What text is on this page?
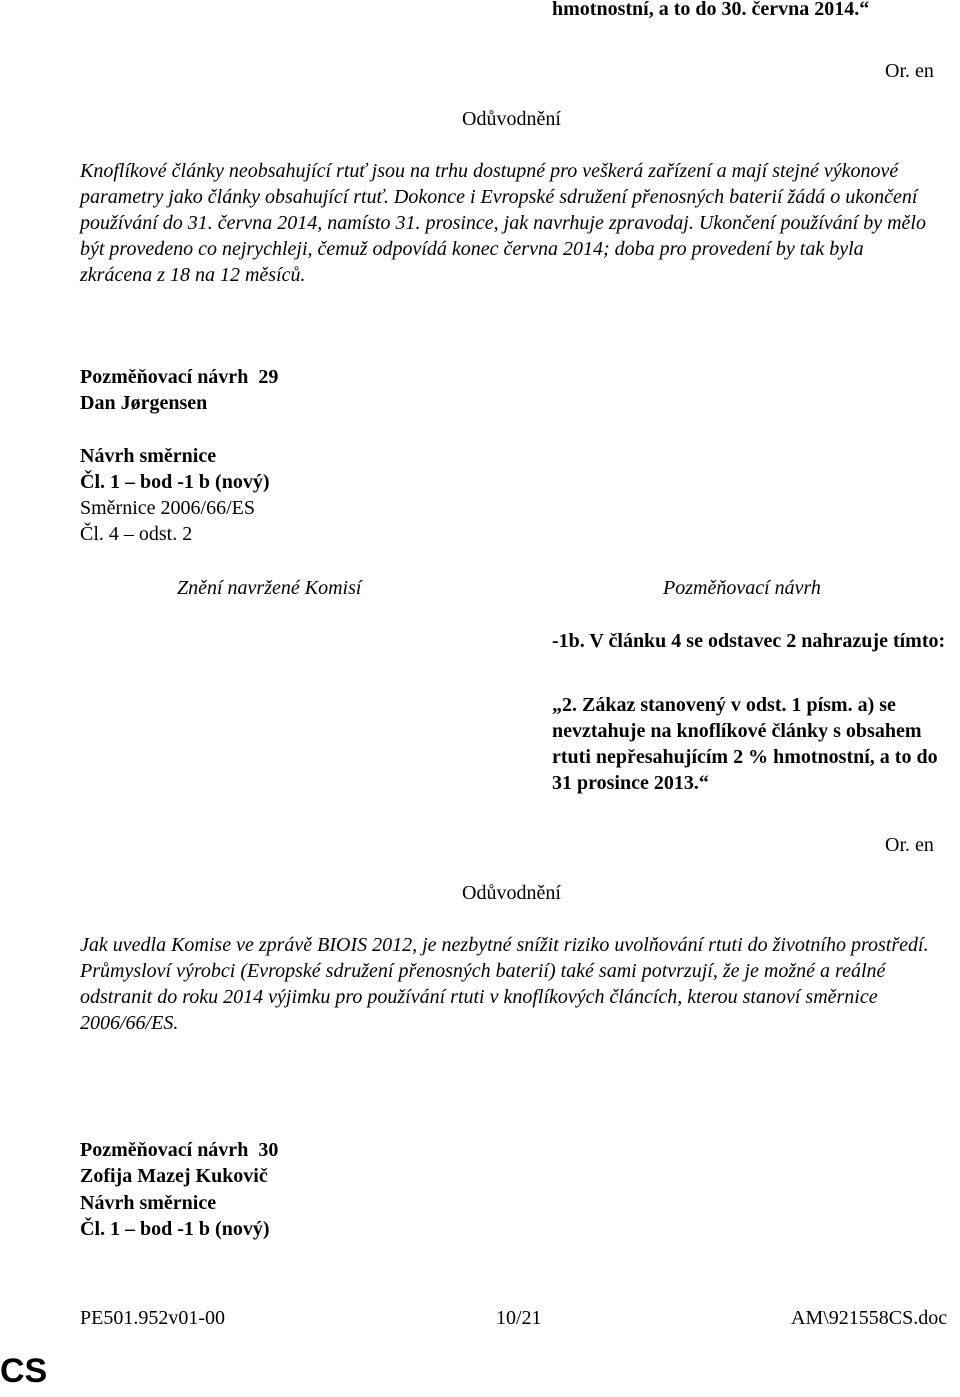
hmotnostní, a to do 30. června 2014.“

Or. en

Odůvodnění

Knoflíkové články neobsahující rtuť jsou na trhu dostupné pro veškerá zařízení a mají stejné výkonové parametry jako články obsahující rtuť. Dokonce i Evropské sdružení přenosných baterií žádá o ukončení používání do 31. června 2014, namísto 31. prosince, jak navrhuje zpravodaj. Ukončení používání by mělo být provedeno co nejrychleji, čemuž odpovídá konec června 2014; doba pro provedení by tak byla zkrácena z 18 na 12 měsíců.

Pozměňovací návrh 29

Dan Jørgensen

Návrh směrnice

Čl. 1 – bod -1 b (nový)

Směrnice 2006/66/ES

Čl. 4 – odst. 2

Znění navržené Komisí	Pozměňovací návrh

-1b. V článku 4 se odstavec 2 nahrazuje tímto:

„2. Zákaz stanovený v odst. 1 písm. a) se nevztahuje na knoflíkové články s obsahem rtuti nepřesahujícím 2 % hmotnostní, a to do 31 prosince 2013.“

Or. en

Odůvodnění

Jak uvedla Komise ve zprávě BIOIS 2012, je nezbytné snížit riziko uvolňování rtuti do životního prostředí. Průmysloví výrobci (Evropské sdružení přenosných baterií) také sami potvrzují, že je možné a reálné odstranit do roku 2014 výjimku pro používání rtuti v knoflíkových článcích, kterou stanoví směrnice 2006/66/ES.

Pozměňovací návrh 30

Zofija Mazej Kukovič

Návrh směrnice

Čl. 1 – bod -1 b (nový)

PE501.952v01-00	10/21	AM\921558CS.doc

CS
